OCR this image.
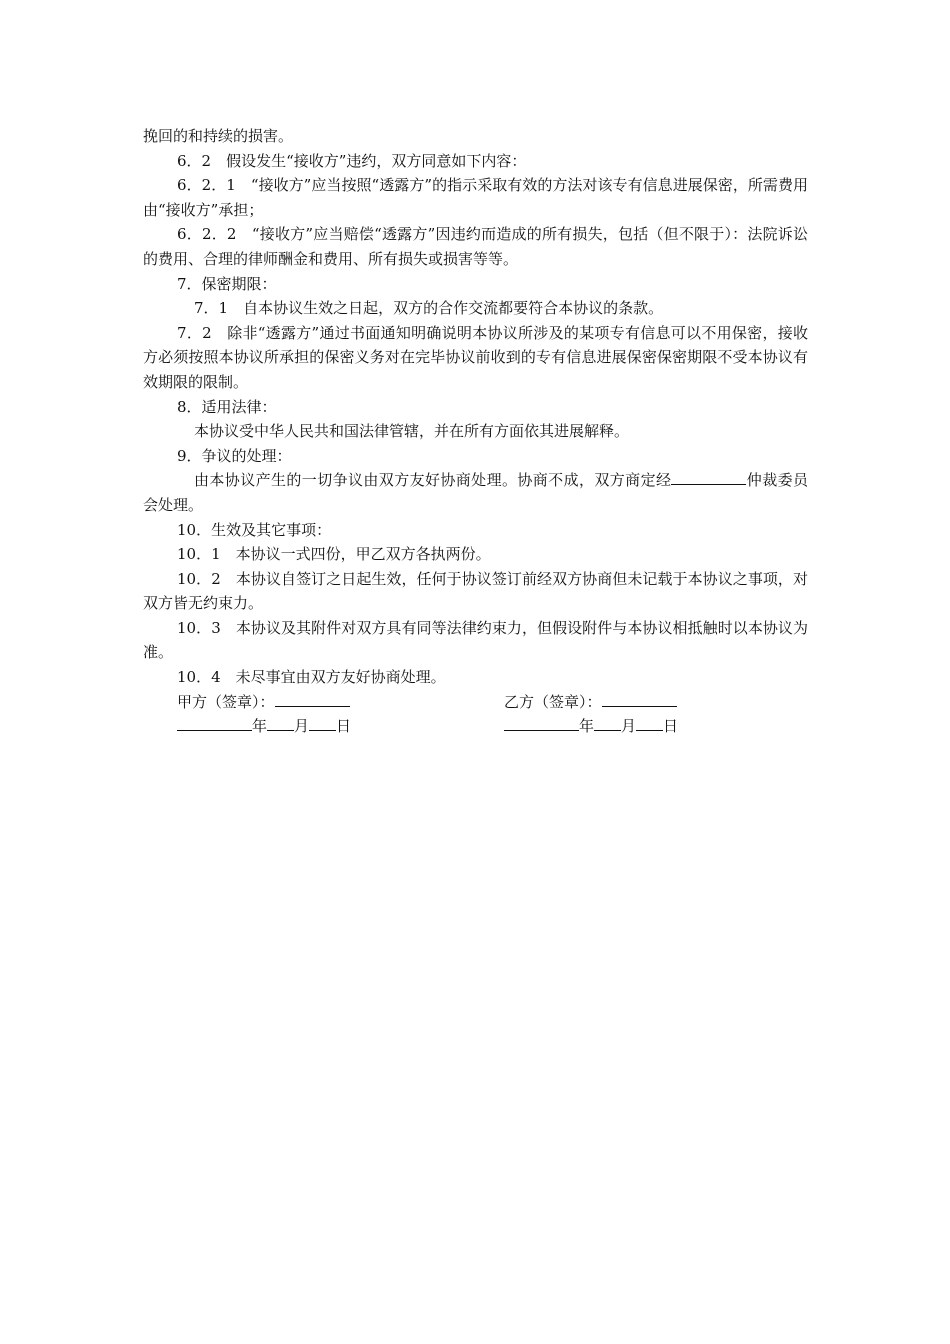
挽回的和持续的损害。

6．2　假设发生“接收方”违约，双方同意如下内容：

6．2．1　“接收方”应当按照“透露方”的指示采取有效的方法对该专有信息进展保密，所需费用由“接收方”承担；

6．2．2　“接收方”应当赔偿“透露方”因违约而造成的所有损失，包括（但不限于）：法院诉讼的费用、合理的律师酬金和费用、所有损失或损害等等。

7．保密期限：

7．1　自本协议生效之日起，双方的合作交流都要符合本协议的条款。

7．2　除非“透露方”通过书面通知明确说明本协议所涉及的某项专有信息可以不用保密，接收方必须按照本协议所承担的保密义务对在完毕协议前收到的专有信息进展保密保密期限不受本协议有效期限的限制。

8．适用法律：

本协议受中华人民共和国法律管辖，并在所有方面依其进展解释。

9．争议的处理：

由本协议产生的一切争议由双方友好协商处理。协商不成，双方商定经	仲裁委员会处理。

10．生效及其它事项：

10．1　本协议一式四份，甲乙双方各执两份。

10．2　本协议自签订之日起生效，任何于协议签订前经双方协商但未记载于本协议之事项，对双方皆无约束力。

10．3　本协议及其附件对双方具有同等法律约束力，但假设附件与本协议相抵触时以本协议为准。

10．4　未尽事宜由双方友好协商处理。

甲方（签章）：	乙方（签章）：
年 月 日	年 月 日
